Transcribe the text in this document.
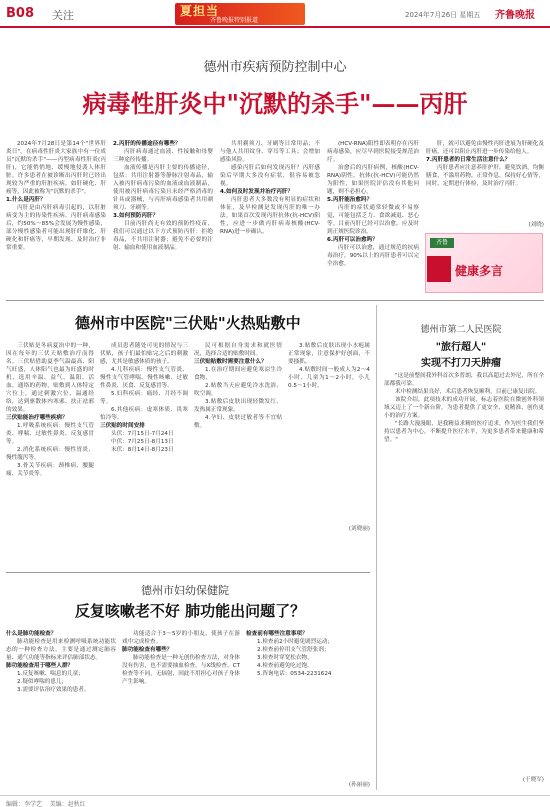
B08 关注	夏担当
齐鲁晚报特别报道
2024年7月26日 星期五 齐鲁晚报
德州市疾病预防控制中心
病毒性肝炎中"沉默的杀手"——丙肝

2024年7月28日是第14个"世界肝炎日"，在病毒性肝炎大家族中有一位成员"沉默的杀手"——丙型病毒性肝炎(丙肝)，它能悄悄地、缓慢地侵袭人体肝脏。许多患者在被诊断出丙肝时已经出现较为严重的肝脏疾病，如肝硬化、肝癌等，因此被称为"沉默的杀手"。

1.什么是丙肝？

丙肝是由丙肝病毒引起的，以肝脏病变为主的传染性疾病。丙肝病毒感染后，约50%～85%会发展为慢性感染，部分慢性感染者可能出现肝纤维化、肝硬化和肝癌等，早期发现、及时治疗非常重要。

2.丙肝的传播途径有哪些？

丙肝病毒通过血液、性接触和母婴三种途径传播。

血液传播是丙肝主要的传播途径，包括：共用注射器等静脉注射毒品，输入被丙肝病毒污染的血液或血液制品，使用被丙肝病毒污染且未经严格消毒的针具或器械，与丙肝病毒感染者共用剃须刀、牙刷等。

3.如何预防丙肝？

目前丙肝尚无有效的预防性疫苗，我们可以通过以下方式预防丙肝：拒绝毒品，不共用注射器；避免不必要的注射、输血和使用血液制品。

共用剃须刀、牙刷等日常用品；不与他人共用纹身、穿耳等工具；会增加感染风险。

感染丙肝后如何发现丙肝？丙肝感染后早期大多没有症状，很容易被忽视。

4.如何及时发现并治疗丙肝？

丙肝患者大多数没有明显的症状和体征，及早检测是发现丙肝的唯一办法。如果首次发现丙肝抗体(抗-HCV)阳性，应进一步做丙肝病毒核酸(HCV-RNA)进一步确认。

(HCV-RNA)阳性即表明存在丙肝病毒感染，应尽早到医院接受规范治疗。

治愈后的丙肝病例，核酸(HCV-RNA)阴性，抗体(抗-HCV)可能仍然为阳性，如果医院评估没有其他问题，则不必担心。

5.丙肝能治愈吗？

丙肝的症状通常轻微或不易察觉，可能包括乏力、食欲减退、恶心等。目前丙肝已经可以治愈，应及时到正规医院诊治。

6.丙肝可以治愈吗？

丙肝可以治愈，通过规范的抗病毒治疗，90%以上的丙肝患者可以完全治愈。

肝，就可以避免由慢性丙肝进展为肝硬化及肝癌，还可以阻止丙肝进一步传染给他人。

7.丙肝患者的日常生活注意什么？

丙肝患者应注意养肝护肝，避免饮酒，均衡膳食，不滥用药物，正常作息，保持好心情等，同时，定期进行体检，及时治疗丙肝。

(刘晓)
齐鲁
健康多言
德州市中医院"三伏贴"火热贴敷中

三伏贴是冬病夏治中的一种，因在每年的三伏天贴敷治疗而得名。三伏贴借助夏季气温最高、阳气旺盛，人体阳气也最为旺盛的时机，选用辛温、益气、温阳、活血、通络的药物，贴敷到人体特定穴位上，通过刺激穴位、温通经络，达到驱散体内寒邪、扶正祛邪的效果。

三伏贴能治疗哪些疾病？

1.呼吸系统疾病：慢性支气管炎、哮喘、过敏性鼻炎、反复感冒等。

2.消化系统疾病：慢性胃炎、慢性腹泻等。

3.骨关节疾病：颈椎病、腰腿痛、关节炎等。

成员患者随处可见的情况与三伏贴，孩子们最怕贴完之后的刺激感，尤其是敏感体质的孩子。

4.儿科疾病：慢性支气管炎、慢性支气管哮喘、慢性咳嗽、过敏性鼻炎、厌食、反复感冒等。

5.妇科疾病：痛经、月经不调等。

6.其他疾病：虚寒体质、畏寒怕冷等。

三伏贴的时间安排

头伏：7月15日-7月24日

中伏：7月25日-8月13日

末伏：8月14日-8月23日

民可根据自身需求和就医情况，选择合适的贴敷时间。

三伏贴贴敷时需要注意什么？

1.在治疗期间应避免寒凉生冷食物。

2.贴敷当天应避免冷水洗浴、吹空调。

3.贴敷后皮肤出现轻微发红、发热属正常现象。

4.孕妇、皮肤过敏者等不宜贴敷。

3.贴敷后皮肤出现小水疱属正常现象，注意保护好创面，不要搔抓。

4.贴敷时间一般成人为2～4小时，儿童为1～2小时，小儿0.5～1小时。

(刘晓丽)
德州市第二人民医院
"旅行超人"
实现不打刀天肿瘤

"这是前整间我外科首次多普朗，我以高超过去外尼，所在全部都我可靠。

术中检测结果良好，术后患者恢复顺利，目前已康复出院。

该院介绍，此项技术的成功开展，标志着医院在微创外科领域又迈上了一个新台阶，为患者提供了更安全、更精准、创伤更小的治疗方案。

"长路大漫漫眼，是我精益求精的医疗追求，作为医生我们坚持以患者为中心，不断提升医疗水平，为更多患者带来健康和希望。"

(于晓军)
德州市妇幼保健院
反复咳嗽老不好 肺功能出问题了？

什么是肺功能检查？

肺功能检查是用来检测呼吸系统功能状态的一种检查方法，主要是通过测定肺容量、通气功能等指标来评估肺部状态。

肺功能检查用于哪些人群？

1.反复咳嗽、喘息的儿童；

2.疑似哮喘的患儿；

3.需要评估治疗效果的患者。

功能适合于3～5岁的小朋友，使孩子在游戏中完成检查。

肺功能检查有哪些？

肺功能检查是一种无创伤检查方法，对身体没有伤害，也不需要抽血检查，与X线检查、CT检查等不同，无辐射，因此不用担心对孩子身体产生影响。

检查前有哪些注意事项？

1.检查前2小时避免剧烈运动；

2.检查前停用支气管舒张剂；

3.检查时穿宽松衣物。

4.检查前避免吃过饱。

5.咨询电话：0534-2231624

(孙丽丽)
编辑：李学艺 美编：赵秋红
